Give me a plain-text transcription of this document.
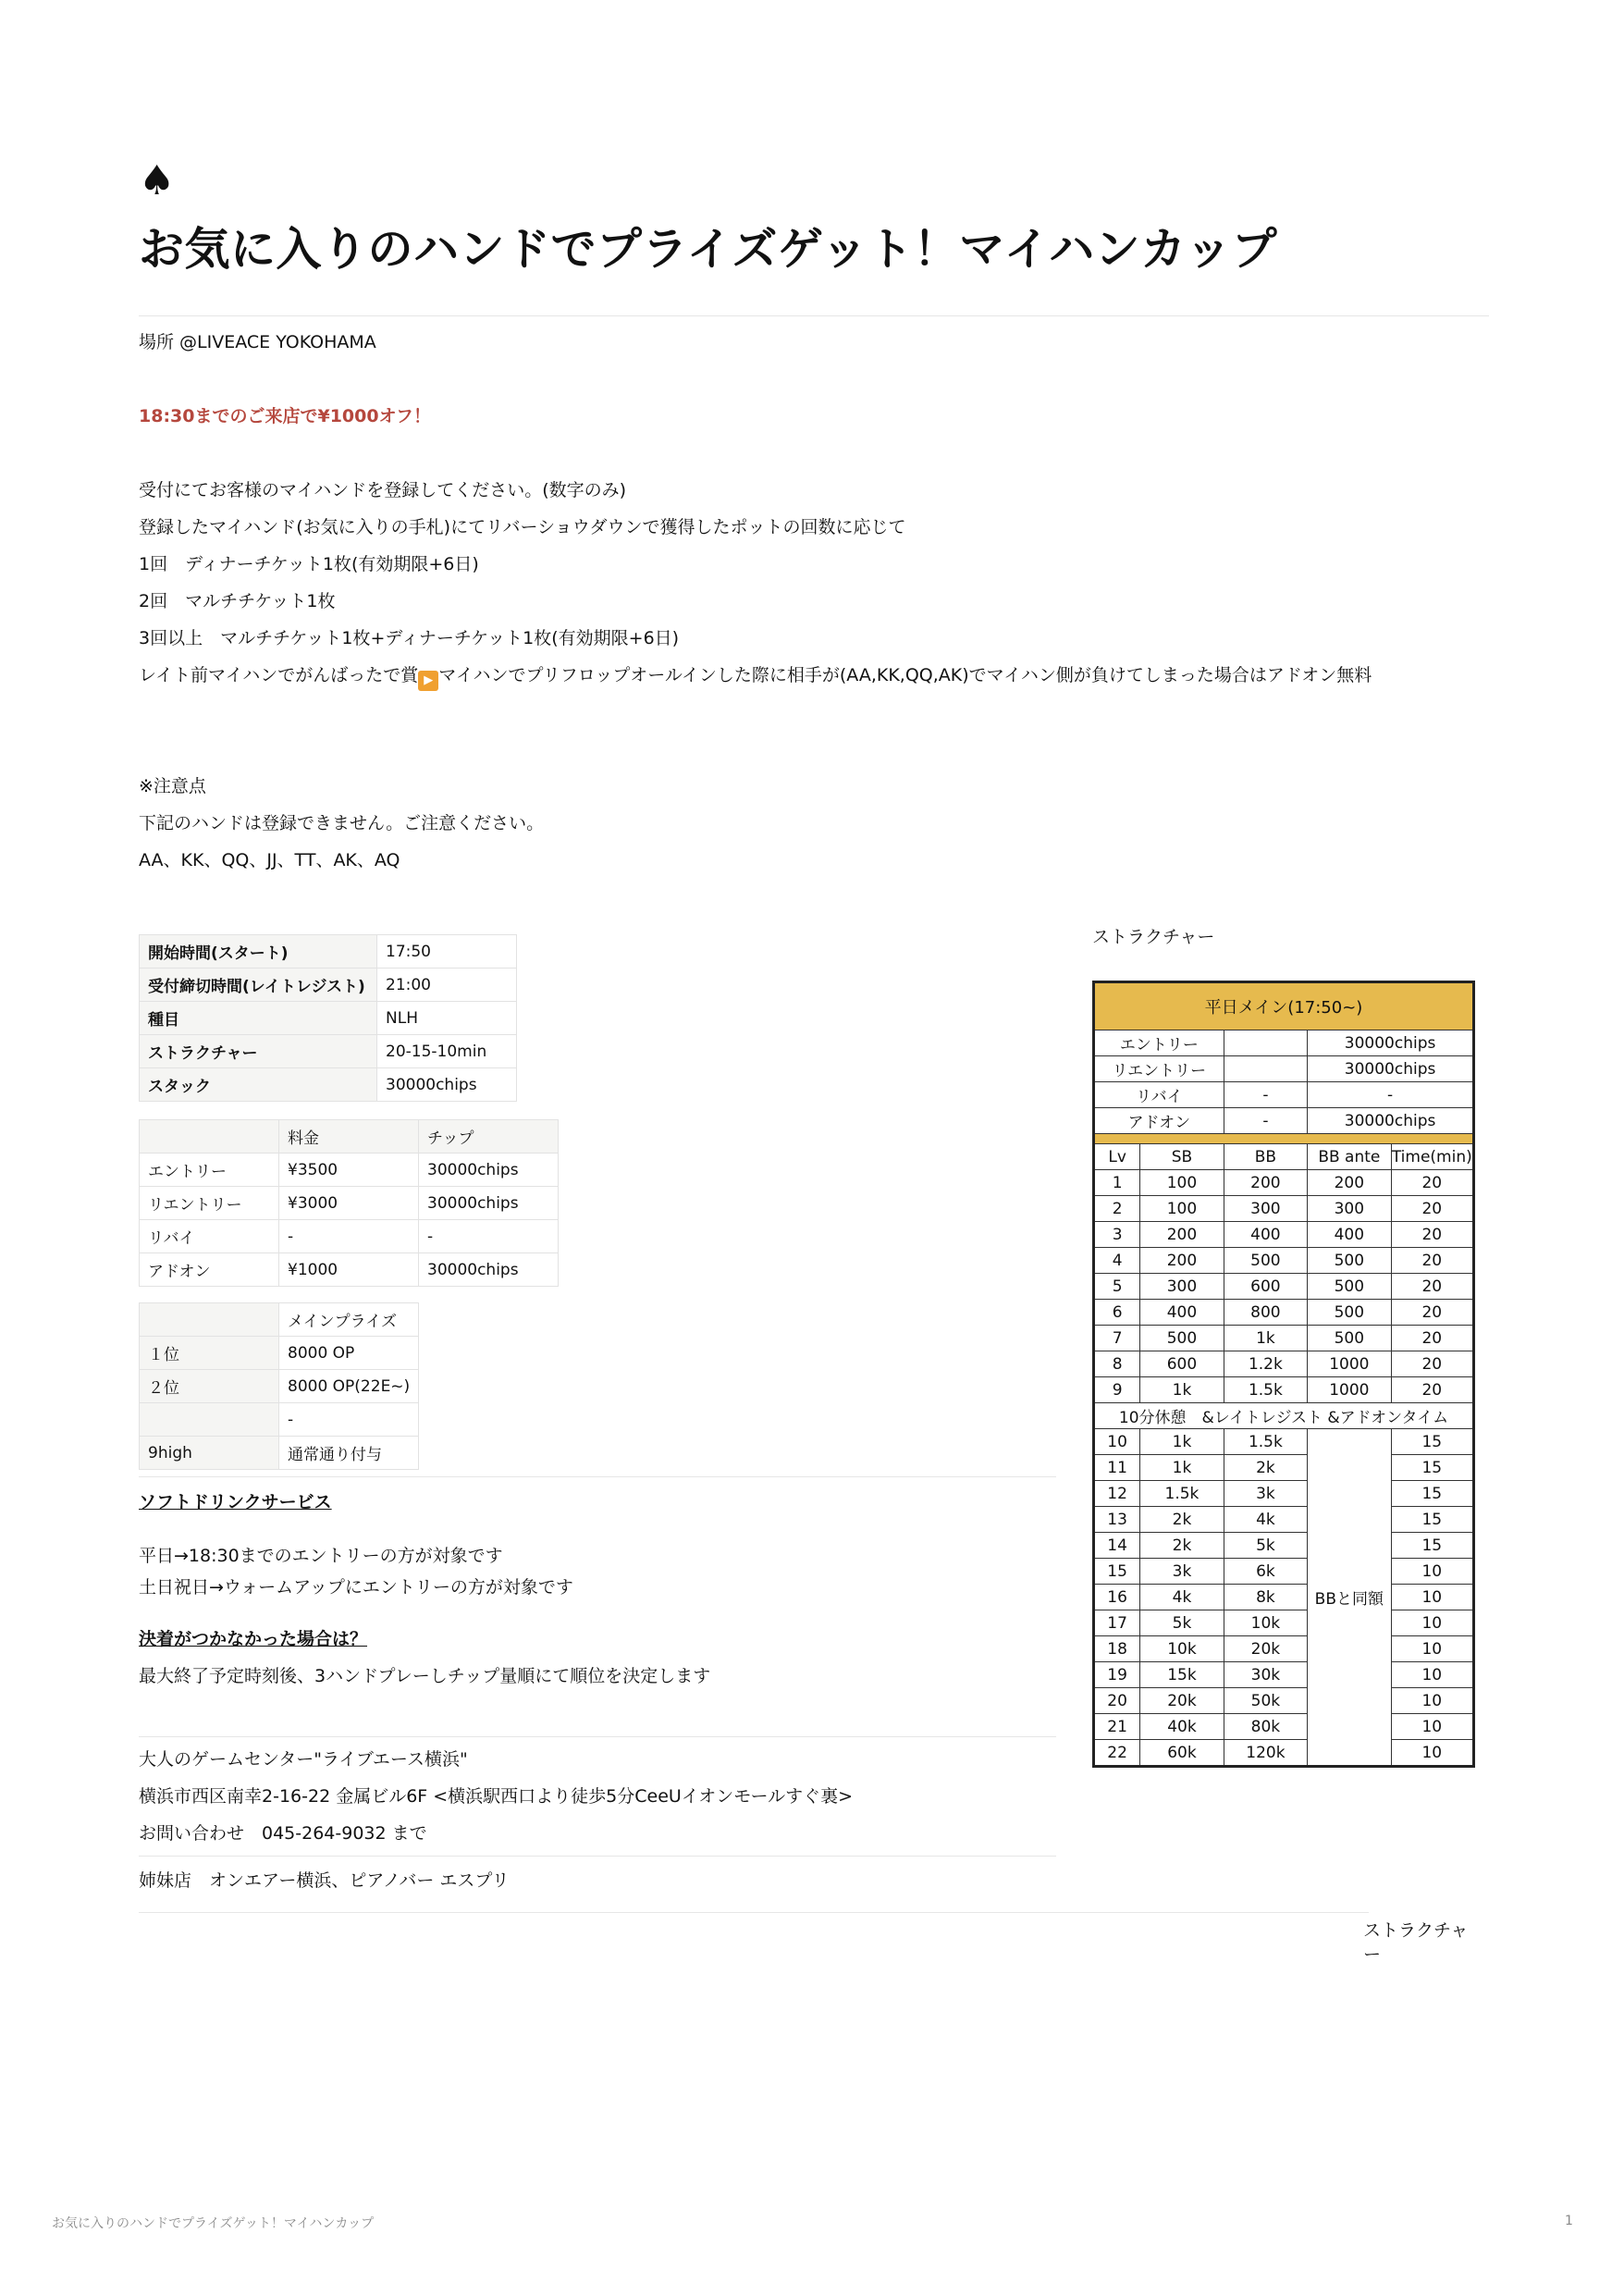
♠
お気に入りのハンドでプライズゲット！マイハンカップ
場所 @LIVEACE YOKOHAMA
18:30までのご来店で¥1000オフ！
受付にてお客様のマイハンドを登録してください。(数字のみ)
登録したマイハンド(お気に入りの手札)にてリバーショウダウンで獲得したポットの回数に応じて
1回　ディナーチケット1枚(有効期限+6日)
2回　マルチチケット1枚
3回以上　マルチチケット1枚+ディナーチケット1枚(有効期限+6日)
レイト前マイハンでがんばったで賞 ▶ マイハンでプリフロップオールインした際に相手が(AA,KK,QQ,AK)でマイハン側が負けてしまった場合はアドオン無料
※注意点
下記のハンドは登録できません。ご注意ください。
AA、KK、QQ、JJ、TT、AK、AQ
開始時間(スタート)	17:50
受付締切時間(レイトレジスト)	21:00
種目	NLH
ストラクチャー	20-15-10min
スタック	30000chips
	料金	チップ
エントリー	¥3500	30000chips
リエントリー	¥3000	30000chips
リバイ	-	-
アドオン	¥1000	30000chips
	メインプライズ
１位	8000 OP
２位	8000 OP(22E~)
	-
9high	通常通り付与
ソフトドリンクサービス
平日→18:30までのエントリーの方が対象です
土日祝日→ウォームアップにエントリーの方が対象です
決着がつかなかった場合は？
最大終了予定時刻後、3ハンドプレーしチップ量順にて順位を決定します
大人のゲームセンター"ライブエース横浜"
横浜市西区南幸2-16-22 金属ビル6F <横浜駅西口より徒歩5分CeeUイオンモールすぐ裏>
お問い合わせ　045-264-9032 まで
姉妹店　オンエアー横浜、ピアノバー エスプリ
ストラクチャー
平日メイン(17:50~)				
エントリー			30000chips	
リエントリー			30000chips	
リバイ		-	-	
アドオン		-	30000chips	

Lv	SB	BB	BB ante	Time(min)
1	100	200	200	20
2	100	300	300	20
3	200	400	400	20
4	200	500	500	20
5	300	600	500	20
6	400	800	500	20
7	500	1k	500	20
8	600	1.2k	1000	20
9	1k	1.5k	1000	20
10分休憩　&レイトレジスト &アドオンタイム				
10	1k	1.5k	BBと同額	15
11	1k	2k		15
12	1.5k	3k		15
13	2k	4k		15
14	2k	5k		15
15	3k	6k		10
16	4k	8k		10
17	5k	10k		10
18	10k	20k		10
19	15k	30k		10
20	20k	50k		10
21	40k	80k		10
22	60k	120k		10
ストラクチャー
お気に入りのハンドでプライズゲット！マイハンカップ	1
